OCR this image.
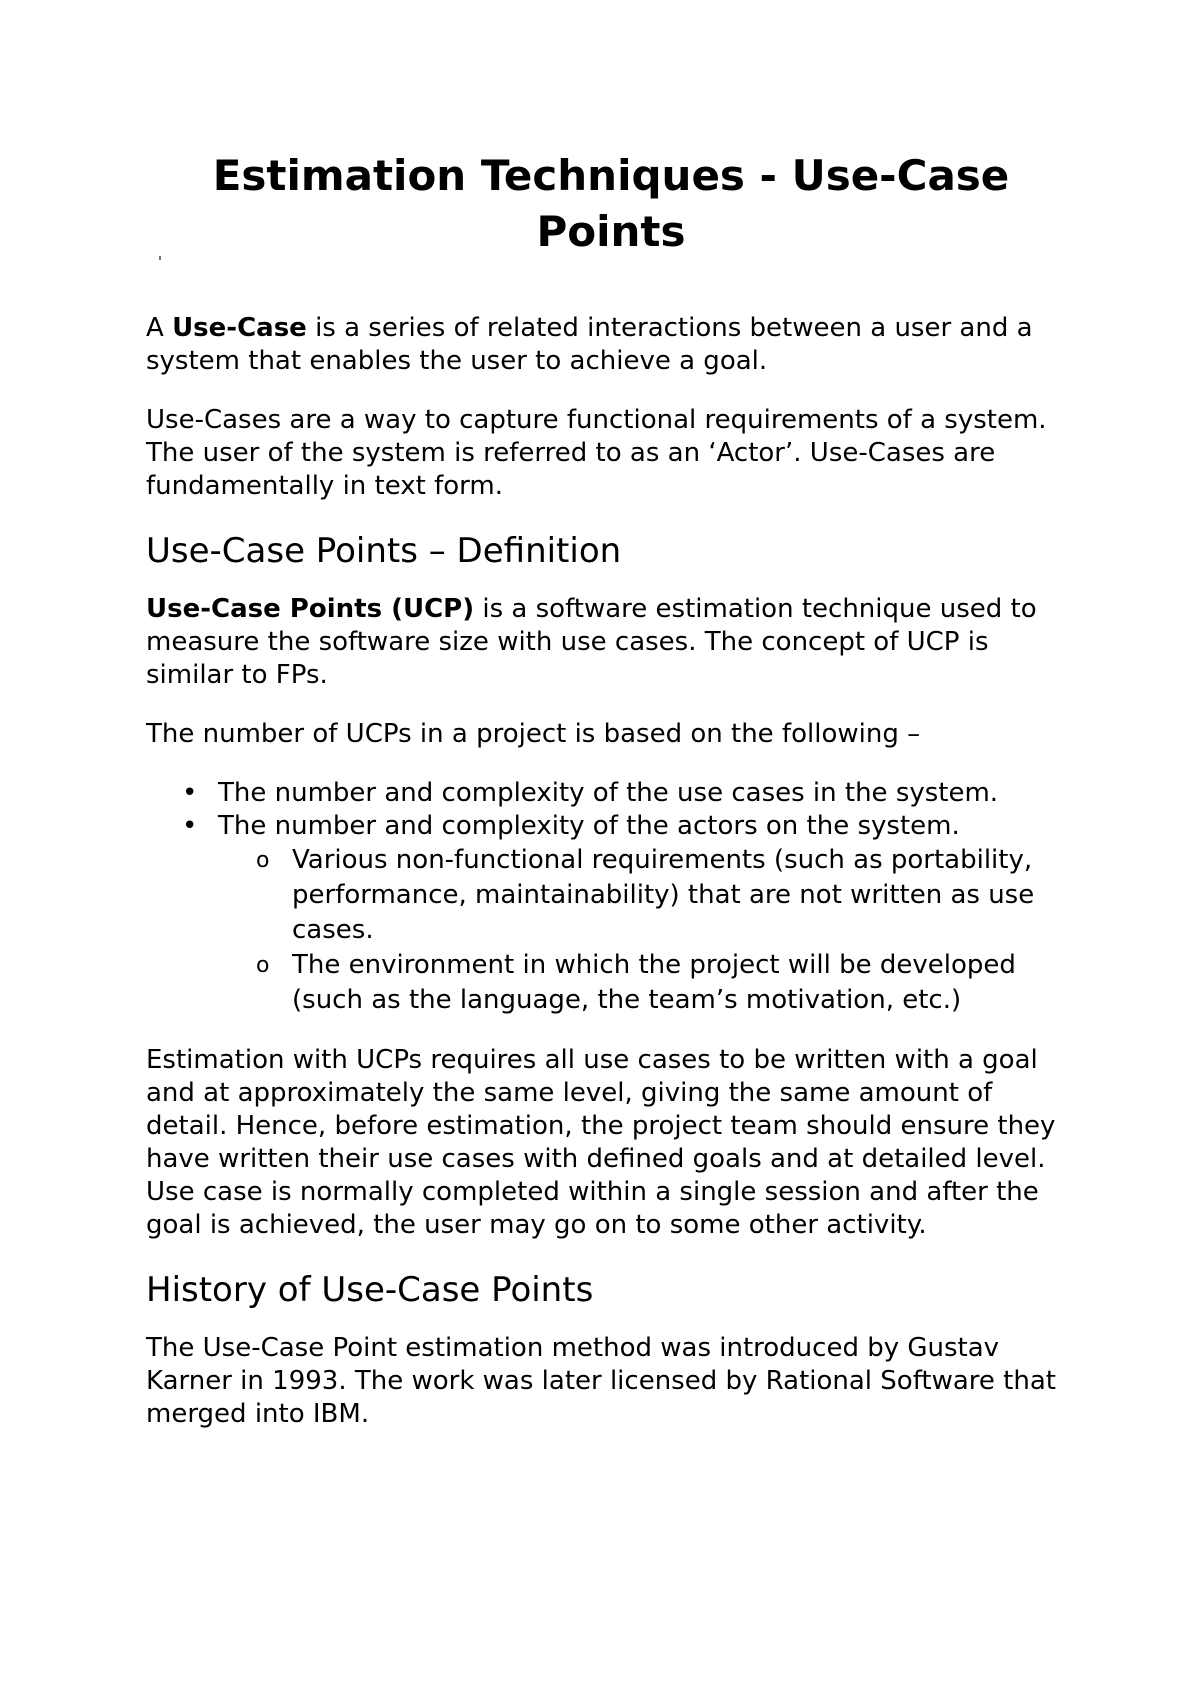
Estimation Techniques - Use-Case Points

A Use-Case is a series of related interactions between a user and a system that enables the user to achieve a goal.

Use-Cases are a way to capture functional requirements of a system. The user of the system is referred to as an ‘Actor’. Use-Cases are fundamentally in text form.

Use-Case Points – Definition

Use-Case Points (UCP) is a software estimation technique used to measure the software size with use cases. The concept of UCP is similar to FPs.

The number of UCPs in a project is based on the following –

• The number and complexity of the use cases in the system.
• The number and complexity of the actors on the system.
o Various non-functional requirements (such as portability, performance, maintainability) that are not written as use cases.
o The environment in which the project will be developed (such as the language, the team’s motivation, etc.)

Estimation with UCPs requires all use cases to be written with a goal and at approximately the same level, giving the same amount of detail. Hence, before estimation, the project team should ensure they have written their use cases with defined goals and at detailed level. Use case is normally completed within a single session and after the goal is achieved, the user may go on to some other activity.

History of Use-Case Points

The Use-Case Point estimation method was introduced by Gustav Karner in 1993. The work was later licensed by Rational Software that merged into IBM.
